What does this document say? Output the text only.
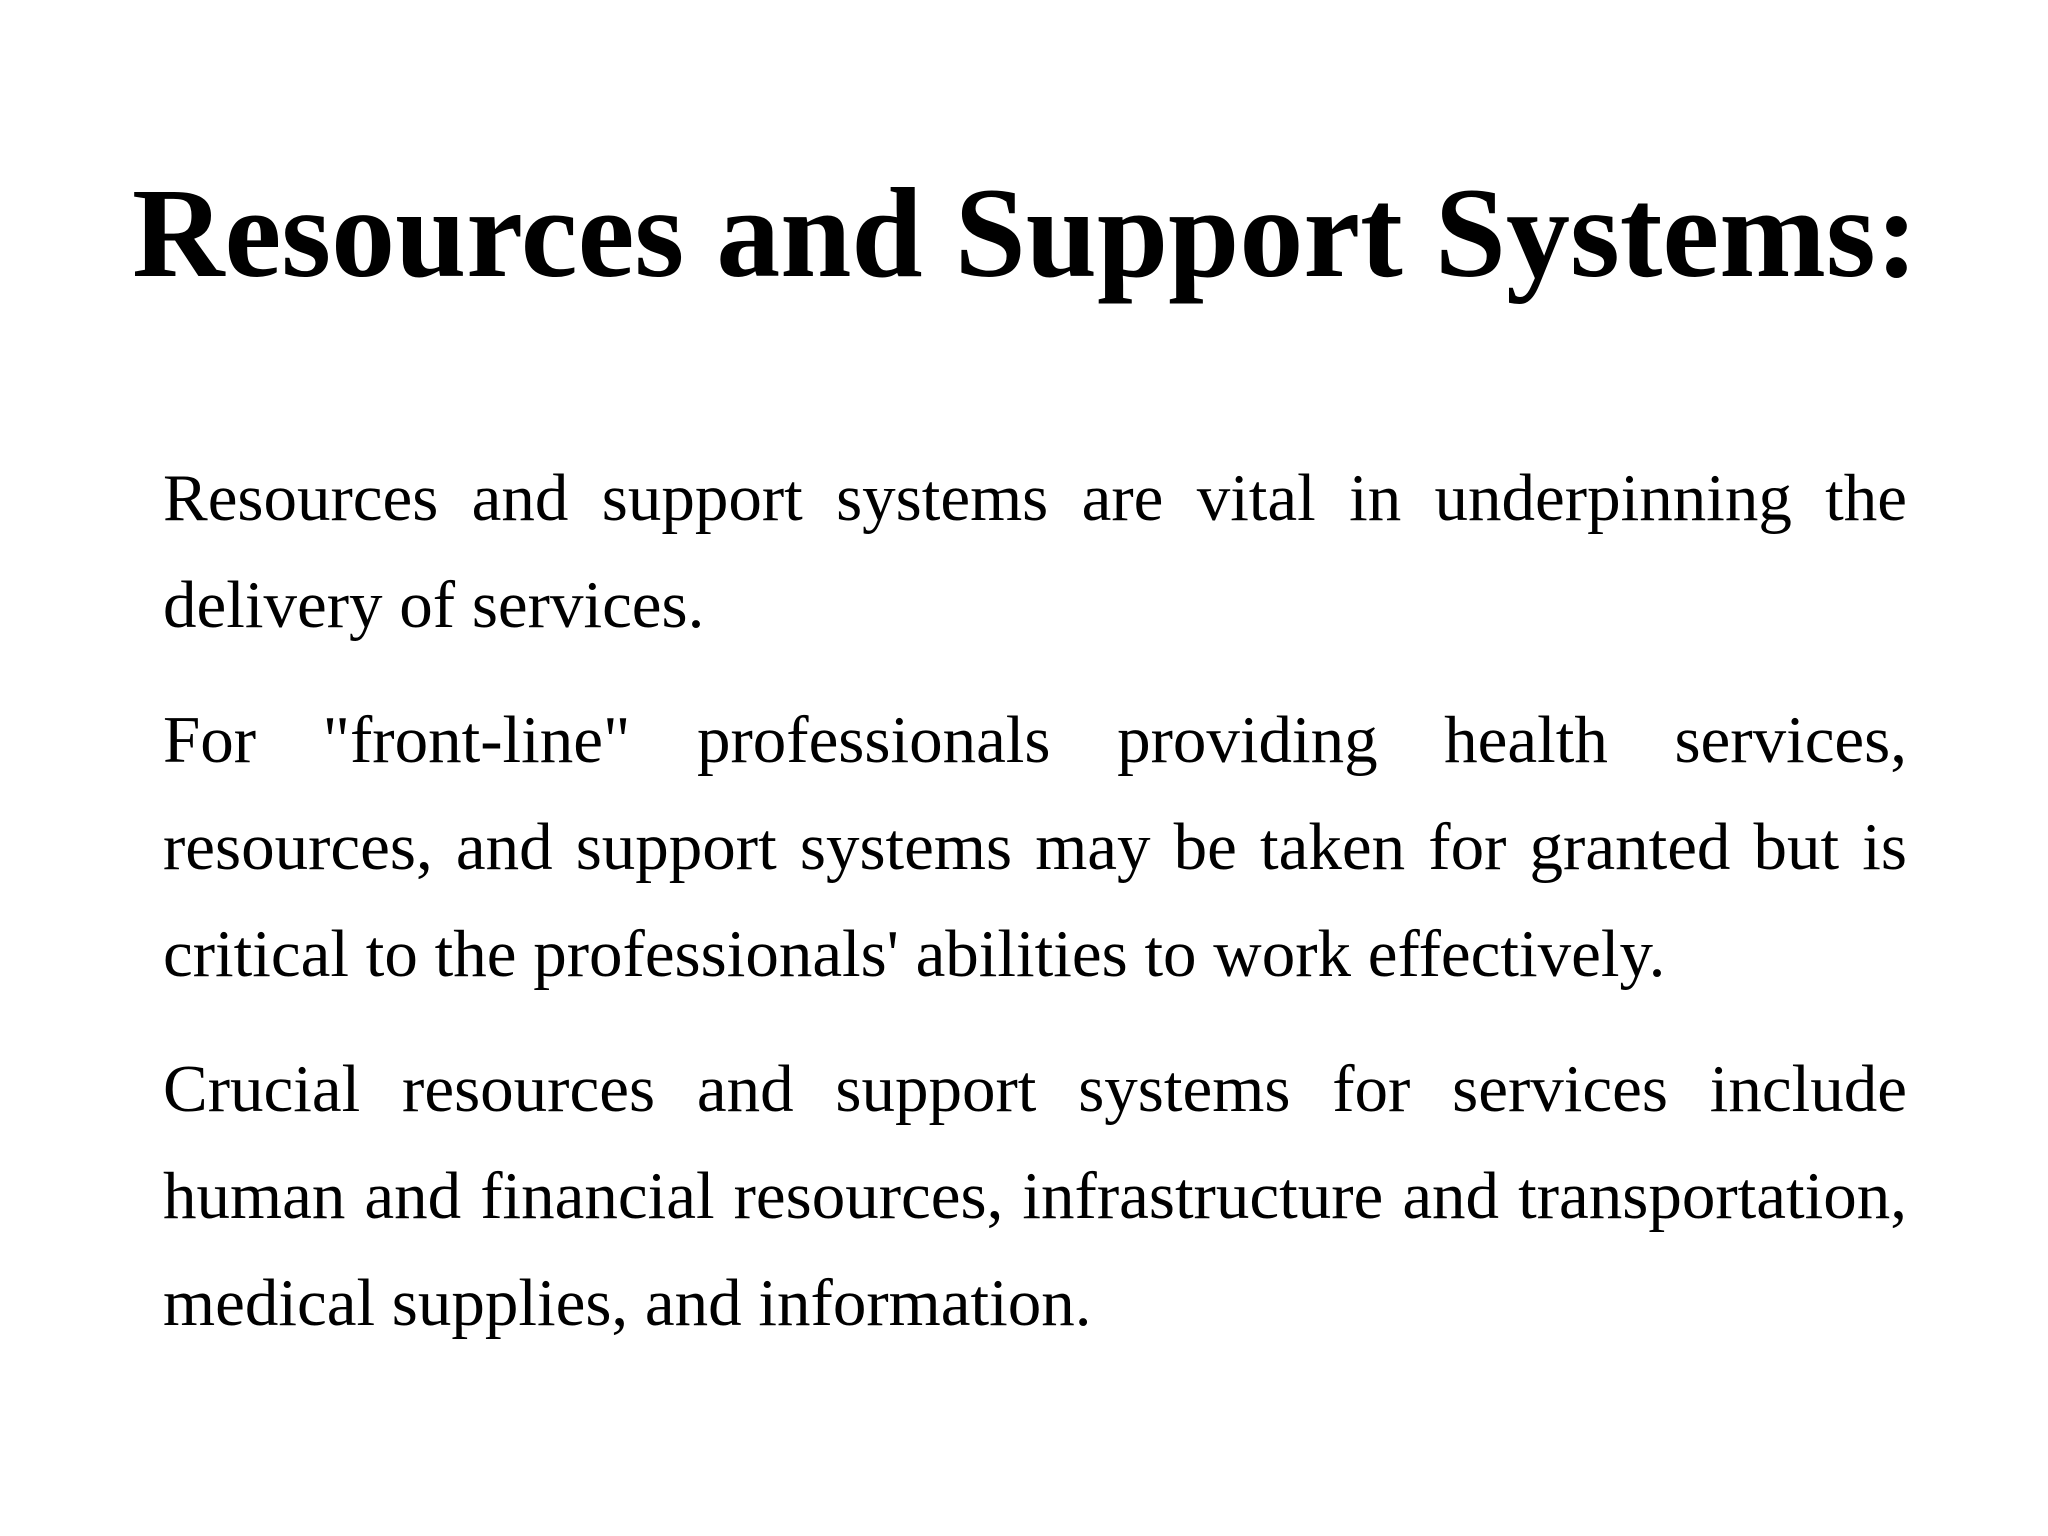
Resources and Support Systems:

Resources and support systems are vital in underpinning the delivery of services.

For "front-line" professionals providing health services, resources, and support systems may be taken for granted but is critical to the professionals' abilities to work effectively.

Crucial resources and support systems for services include human and financial resources, infrastructure and transportation, medical supplies, and information.
